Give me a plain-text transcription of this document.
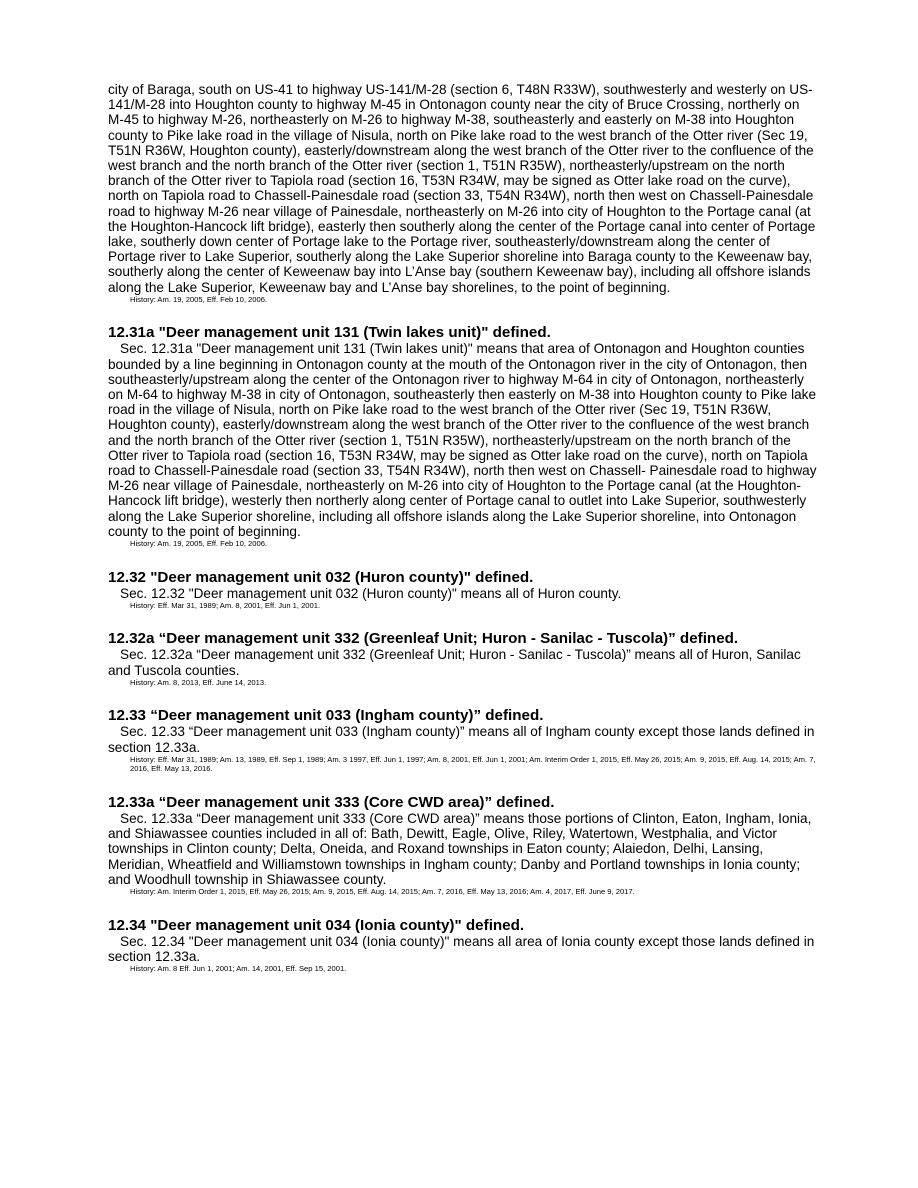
city of Baraga, south on US-41 to highway US-141/M-28 (section 6, T48N R33W), southwesterly and westerly on US-141/M-28 into Houghton county to highway M-45 in Ontonagon county near the city of Bruce Crossing, northerly on M-45 to highway M-26, northeasterly on M-26 to highway M-38, southeasterly and easterly on M-38 into Houghton county to Pike lake road in the village of Nisula, north on Pike lake road to the west branch of the Otter river (Sec 19, T51N R36W, Houghton county), easterly/downstream along the west branch of the Otter river to the confluence of the west branch and the north branch of the Otter river (section 1, T51N R35W), northeasterly/upstream on the north branch of the Otter river to Tapiola road (section 16, T53N R34W, may be signed as Otter lake road on the curve), north on Tapiola road to Chassell-Painesdale road (section 33, T54N R34W), north then west on Chassell-Painesdale road to highway M-26 near village of Painesdale, northeasterly on M-26 into city of Houghton to the Portage canal (at the Houghton-Hancock lift bridge), easterly then southerly along the center of the Portage canal into center of Portage lake, southerly down center of Portage lake to the Portage river, southeasterly/downstream along the center of Portage river to Lake Superior, southerly along the Lake Superior shoreline into Baraga county to the Keweenaw bay, southerly along the center of Keweenaw bay into L’Anse bay (southern Keweenaw bay), including all offshore islands along the Lake Superior, Keweenaw bay and L’Anse bay shorelines, to the point of beginning.

History: Am. 19, 2005, Eff. Feb 10, 2006.

12.31a "Deer management unit 131 (Twin lakes unit)" defined.

Sec. 12.31a "Deer management unit 131 (Twin lakes unit)" means that area of Ontonagon and Houghton counties bounded by a line beginning in Ontonagon county at the mouth of the Ontonagon river in the city of Ontonagon, then southeasterly/upstream along the center of the Ontonagon river to highway M-64 in city of Ontonagon, northeasterly on M-64 to highway M-38 in city of Ontonagon, southeasterly then easterly on M-38 into Houghton county to Pike lake road in the village of Nisula, north on Pike lake road to the west branch of the Otter river (Sec 19, T51N R36W, Houghton county), easterly/downstream along the west branch of the Otter river to the confluence of the west branch and the north branch of the Otter river (section 1, T51N R35W), northeasterly/upstream on the north branch of the Otter river to Tapiola road (section 16, T53N R34W, may be signed as Otter lake road on the curve), north on Tapiola road to Chassell-Painesdale road (section 33, T54N R34W), north then west on Chassell- Painesdale road to highway M-26 near village of Painesdale, northeasterly on M-26 into city of Houghton to the Portage canal (at the Houghton-Hancock lift bridge), westerly then northerly along center of Portage canal to outlet into Lake Superior, southwesterly along the Lake Superior shoreline, including all offshore islands along the Lake Superior shoreline, into Ontonagon county to the point of beginning.

History: Am. 19, 2005, Eff. Feb 10, 2006.

12.32 "Deer management unit 032 (Huron county)" defined.

Sec. 12.32 "Deer management unit 032 (Huron county)" means all of Huron county.

History: Eff. Mar 31, 1989; Am. 8, 2001, Eff. Jun 1, 2001.

12.32a “Deer management unit 332 (Greenleaf Unit; Huron - Sanilac - Tuscola)” defined.

Sec. 12.32a “Deer management unit 332 (Greenleaf Unit; Huron - Sanilac - Tuscola)” means all of Huron, Sanilac and Tuscola counties.

History: Am. 8, 2013, Eff. June 14, 2013.

12.33 “Deer management unit 033 (Ingham county)” defined.

Sec. 12.33 “Deer management unit 033 (Ingham county)” means all of Ingham county except those lands defined in section 12.33a.

History: Eff. Mar 31, 1989; Am. 13, 1989, Eff. Sep 1, 1989; Am. 3 1997, Eff. Jun 1, 1997; Am. 8, 2001, Eff. Jun 1, 2001; Am. Interim Order 1, 2015, Eff. May 26, 2015; Am. 9, 2015, Eff. Aug. 14, 2015; Am. 7, 2016, Eff. May 13, 2016.

12.33a “Deer management unit 333 (Core CWD area)” defined.

Sec. 12.33a “Deer management unit 333 (Core CWD area)” means those portions of Clinton, Eaton, Ingham, Ionia, and Shiawassee counties included in all of: Bath, Dewitt, Eagle, Olive, Riley, Watertown, Westphalia, and Victor townships in Clinton county; Delta, Oneida, and Roxand townships in Eaton county; Alaiedon, Delhi, Lansing, Meridian, Wheatfield and Williamstown townships in Ingham county; Danby and Portland townships in Ionia county; and Woodhull township in Shiawassee county.

History: Am. Interim Order 1, 2015, Eff. May 26, 2015; Am. 9, 2015, Eff. Aug. 14, 2015; Am. 7, 2016, Eff. May 13, 2016; Am. 4, 2017, Eff. June 9, 2017.

12.34 "Deer management unit 034 (Ionia county)" defined.

Sec. 12.34 "Deer management unit 034 (Ionia county)" means all area of Ionia county except those lands defined in section 12.33a.

History: Am. 8 Eff. Jun 1, 2001; Am. 14, 2001, Eff. Sep 15, 2001.
